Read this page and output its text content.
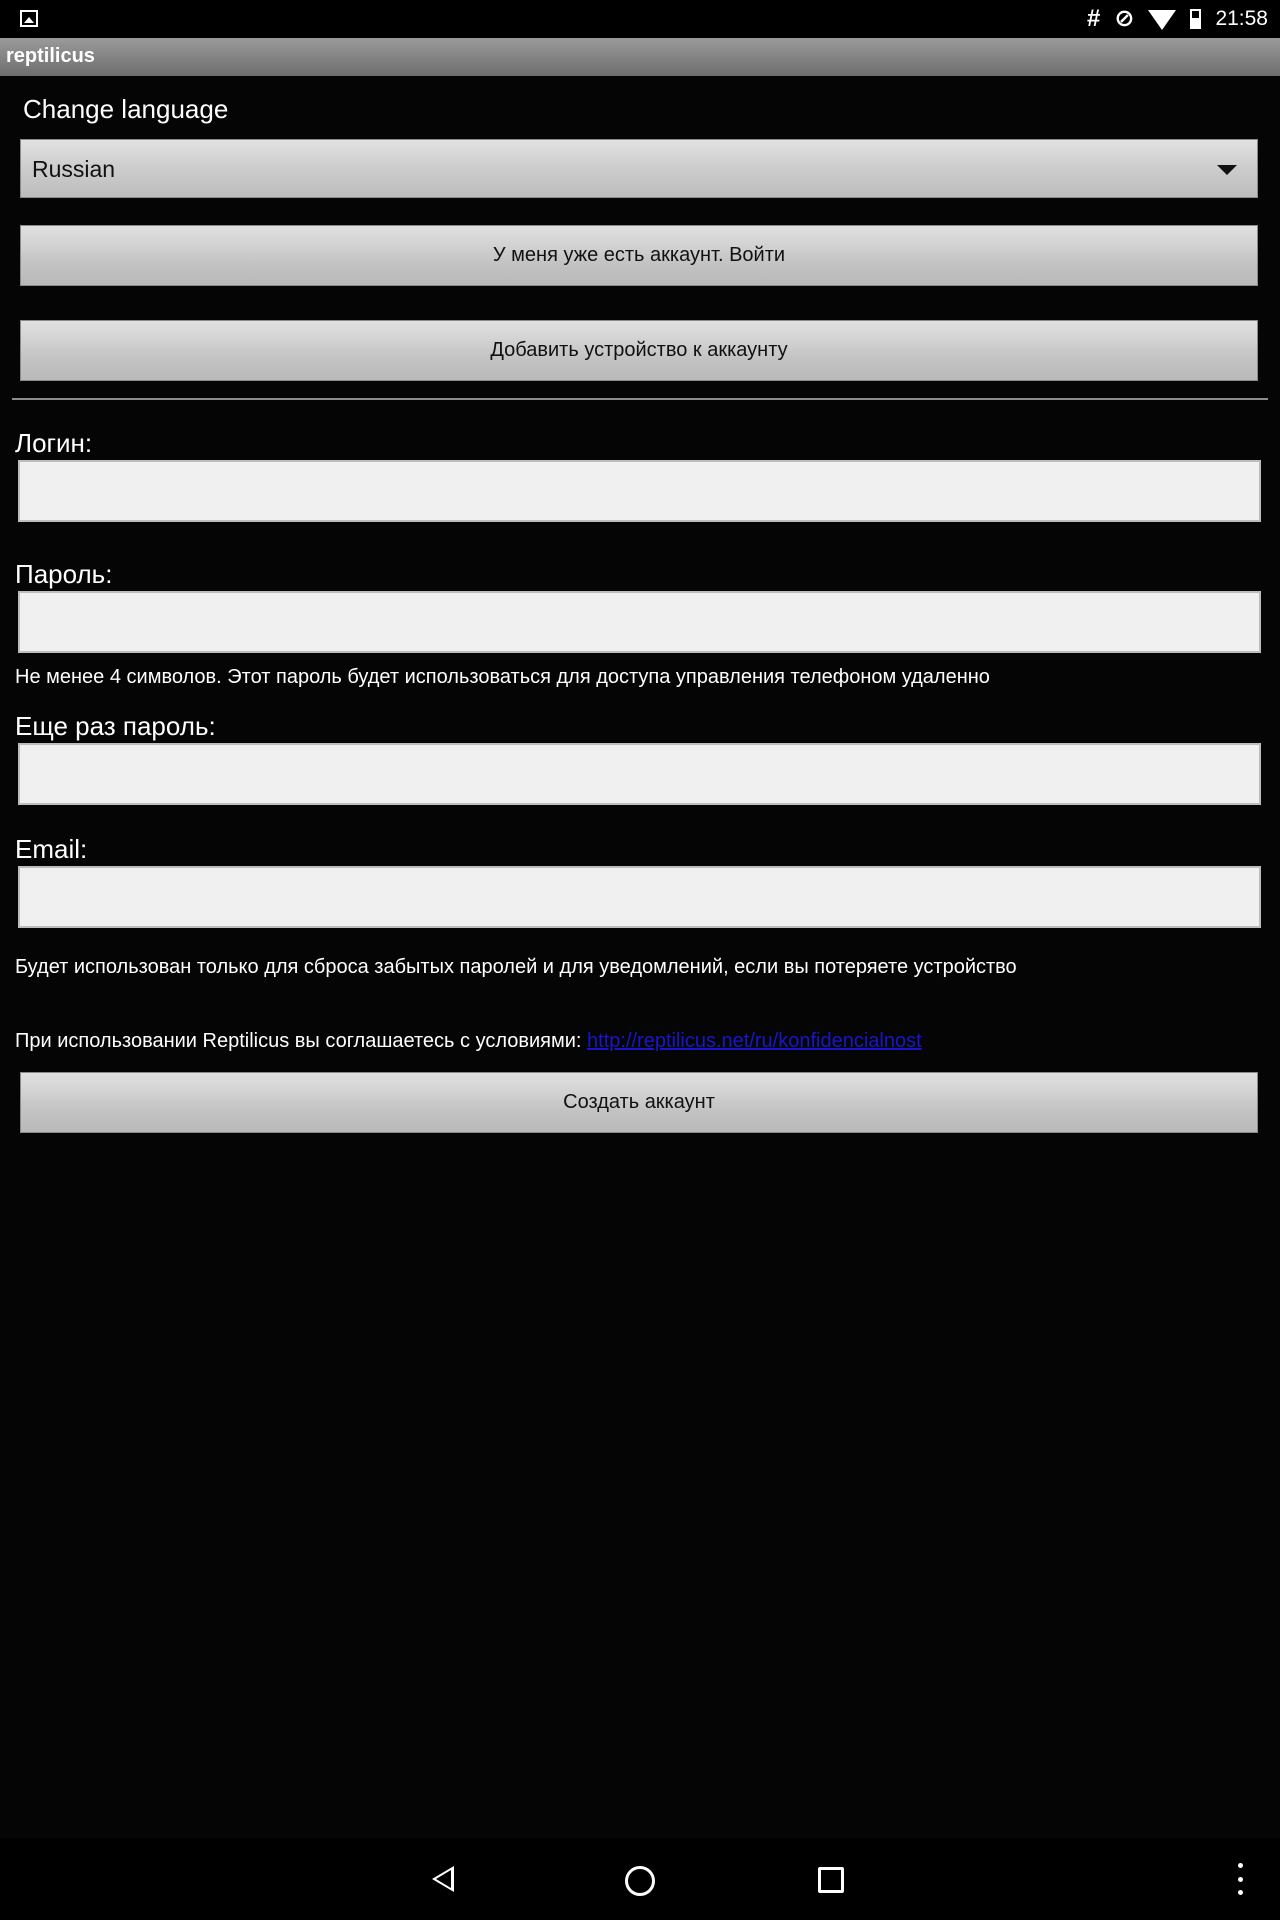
# ⊘	21:58
reptilicus
Change language
Russian
У меня уже есть аккаунт. Войти
Добавить устройство к аккаунту
Логин:
Пароль:
Не менее 4 символов. Этот пароль будет использоваться для доступа управления телефоном удаленно
Еще раз пароль:
Email:
Будет использован только для сброса забытых паролей и для уведомлений, если вы потеряете устройство
При использовании Reptilicus вы соглашаетесь с условиями: http://reptilicus.net/ru/konfidencialnost
Создать аккаунт
